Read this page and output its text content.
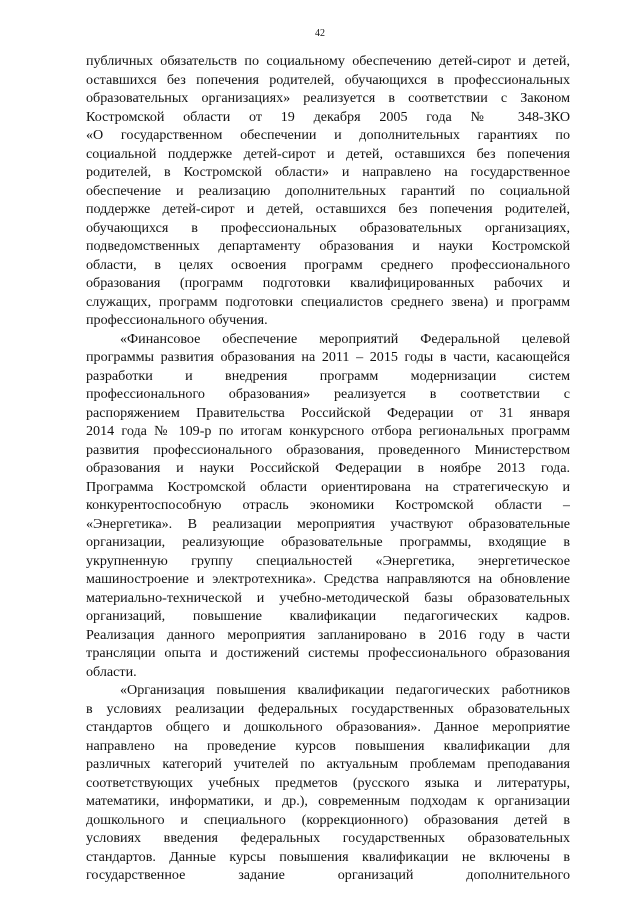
42
публичных обязательств по социальному обеспечению детей-сирот и детей,
оставшихся без попечения родителей, обучающихся в профессиональных
образовательных организациях» реализуется в соответствии с Законом
Костромской области от 19 декабря 2005 года № 348-ЗКО
«О государственном обеспечении и дополнительных гарантиях по
социальной поддержке детей-сирот и детей, оставшихся без попечения
родителей, в Костромской области» и направлено на государственное
обеспечение и реализацию дополнительных гарантий по социальной
поддержке детей-сирот и детей, оставшихся без попечения родителей,
обучающихся в профессиональных образовательных организациях,
подведомственных департаменту образования и науки Костромской
области, в целях освоения программ среднего профессионального
образования (программ подготовки квалифицированных рабочих и
служащих, программ подготовки специалистов среднего звена) и программ
профессионального обучения.
«Финансовое обеспечение мероприятий Федеральной целевой
программы развития образования на 2011 – 2015 годы в части, касающейся
разработки и внедрения программ модернизации систем
профессионального образования» реализуется в соответствии с
распоряжением Правительства Российской Федерации от 31 января
2014 года № 109-р по итогам конкурсного отбора региональных программ
развития профессионального образования, проведенного Министерством
образования и науки Российской Федерации в ноябре 2013 года.
Программа Костромской области ориентирована на стратегическую и
конкурентоспособную отрасль экономики Костромской области –
«Энергетика». В реализации мероприятия участвуют образовательные
организации, реализующие образовательные программы, входящие в
укрупненную группу специальностей «Энергетика, энергетическое
машиностроение и электротехника». Средства направляются на обновление
материально-технической и учебно-методической базы образовательных
организаций, повышение квалификации педагогических кадров.
Реализация данного мероприятия запланировано в 2016 году в части
трансляции опыта и достижений системы профессионального образования
области.
«Организация повышения квалификации педагогических работников
в условиях реализации федеральных государственных образовательных
стандартов общего и дошкольного образования». Данное мероприятие
направлено на проведение курсов повышения квалификации для
различных категорий учителей по актуальным проблемам преподавания
соответствующих учебных предметов (русского языка и литературы,
математики, информатики, и др.), современным подходам к организации
дошкольного и специального (коррекционного) образования детей в
условиях введения федеральных государственных образовательных
стандартов. Данные курсы повышения квалификации не включены в
государственное задание организаций дополнительного
